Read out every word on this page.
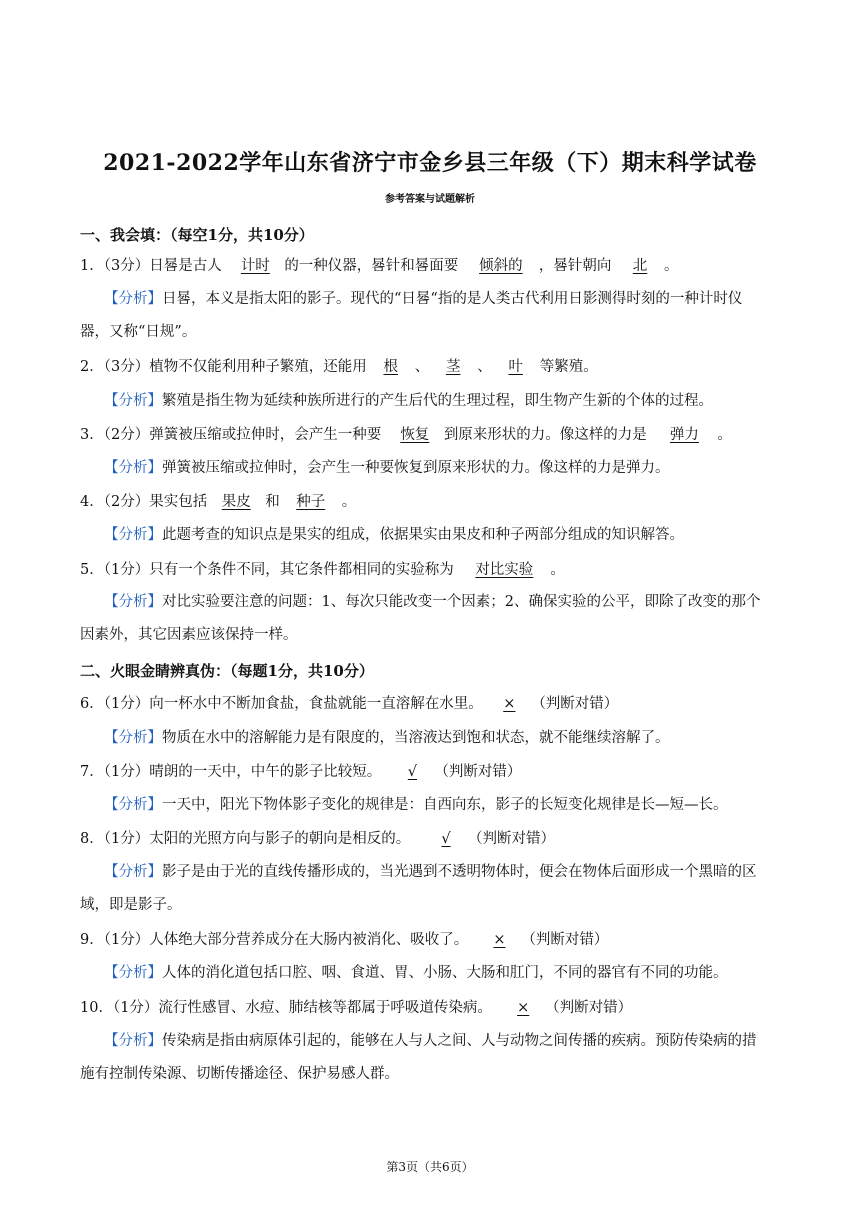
2021-2022学年山东省济宁市金乡县三年级（下）期末科学试卷
参考答案与试题解析
一、我会填：（每空1分，共10分）
1．（3分）日晷是古人 计时 的一种仪器，晷针和晷面要 倾斜的 ，晷针朝向 北 。
【分析】日晷，本义是指太阳的影子。现代的“日晷“指的是人类古代利用日影测得时刻的一种计时仪
器，又称“日规”。
2．（3分）植物不仅能利用种子繁殖，还能用 根 、 茎 、 叶 等繁殖。
【分析】繁殖是指生物为延续种族所进行的产生后代的生理过程，即生物产生新的个体的过程。
3．（2分）弹簧被压缩或拉伸时，会产生一种要 恢复 到原来形状的力。像这样的力是 弹力 。
【分析】弹簧被压缩或拉伸时，会产生一种要恢复到原来形状的力。像这样的力是弹力。
4．（2分）果实包括 果皮 和 种子 。
【分析】此题考查的知识点是果实的组成，依据果实由果皮和种子两部分组成的知识解答。
5．（1分）只有一个条件不同，其它条件都相同的实验称为 对比实验 。
【分析】对比实验要注意的问题：1、每次只能改变一个因素；2、确保实验的公平，即除了改变的那个
因素外，其它因素应该保持一样。
二、火眼金睛辨真伪：（每题1分，共10分）
6．（1分）向一杯水中不断加食盐，食盐就能一直溶解在水里。 × （判断对错）
【分析】物质在水中的溶解能力是有限度的，当溶液达到饱和状态，就不能继续溶解了。
7．（1分）晴朗的一天中，中午的影子比较短。 √ （判断对错）
【分析】一天中，阳光下物体影子变化的规律是：自西向东，影子的长短变化规律是长—短—长。
8．（1分）太阳的光照方向与影子的朝向是相反的。 √ （判断对错）
【分析】影子是由于光的直线传播形成的，当光遇到不透明物体时，便会在物体后面形成一个黑暗的区
域，即是影子。
9．（1分）人体绝大部分营养成分在大肠内被消化、吸收了。 × （判断对错）
【分析】人体的消化道包括口腔、咽、食道、胃、小肠、大肠和肛门，不同的器官有不同的功能。
10．（1分）流行性感冒、水痘、肺结核等都属于呼吸道传染病。 × （判断对错）
【分析】传染病是指由病原体引起的，能够在人与人之间、人与动物之间传播的疾病。预防传染病的措
施有控制传染源、切断传播途径、保护易感人群。
第3页（共6页）
